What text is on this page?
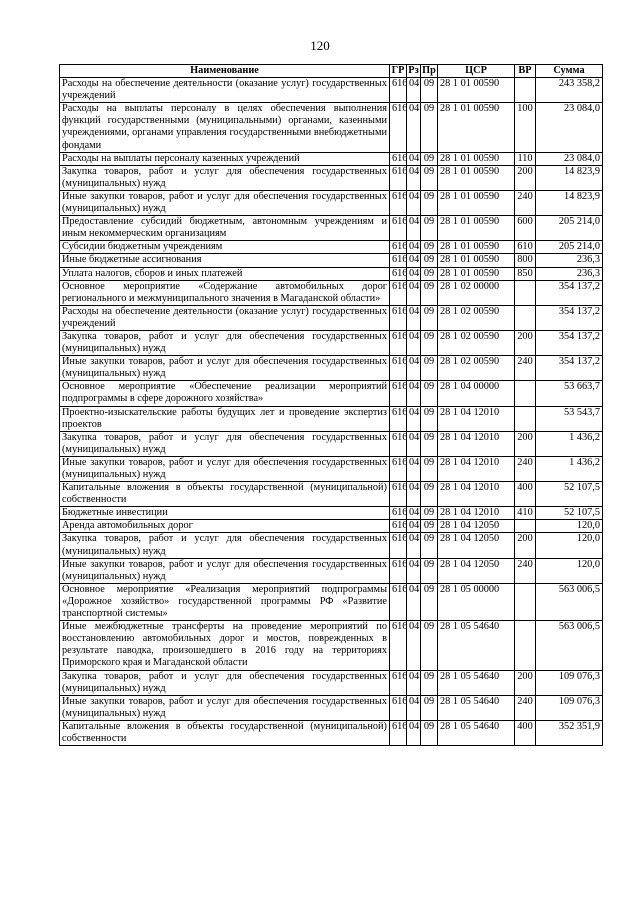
120
Наименование	ГР	Рз	Пр	ЦСР	ВР	Сумма
Расходы на обеспечение деятельности (оказание услуг) государственных учреждений	616	04	09	28 1 01 00590		243 358,2
Расходы на выплаты персоналу в целях обеспечения выполнения функций государственными (муниципальными) органами, казенными учреждениями, органами управления государственными внебюджетными фондами	616	04	09	28 1 01 00590	100	23 084,0
Расходы на выплаты персоналу казенных учреждений	616	04	09	28 1 01 00590	110	23 084,0
Закупка товаров, работ и услуг для обеспечения государственных (муниципальных) нужд	616	04	09	28 1 01 00590	200	14 823,9
Иные закупки товаров, работ и услуг для обеспечения государственных (муниципальных) нужд	616	04	09	28 1 01 00590	240	14 823,9
Предоставление субсидий бюджетным, автономным учреждениям и иным некоммерческим организациям	616	04	09	28 1 01 00590	600	205 214,0
Субсидии бюджетным учреждениям	616	04	09	28 1 01 00590	610	205 214,0
Иные бюджетные ассигнования	616	04	09	28 1 01 00590	800	236,3
Уплата налогов, сборов и иных платежей	616	04	09	28 1 01 00590	850	236,3
Основное мероприятие «Содержание автомобильных дорог регионального и межмуниципального значения в Магаданской области»	616	04	09	28 1 02 00000		354 137,2
Расходы на обеспечение деятельности (оказание услуг) государственных учреждений	616	04	09	28 1 02 00590		354 137,2
Закупка товаров, работ и услуг для обеспечения государственных (муниципальных) нужд	616	04	09	28 1 02 00590	200	354 137,2
Иные закупки товаров, работ и услуг для обеспечения государственных (муниципальных) нужд	616	04	09	28 1 02 00590	240	354 137,2
Основное мероприятие «Обеспечение реализации мероприятий подпрограммы в сфере дорожного хозяйства»	616	04	09	28 1 04 00000		53 663,7
Проектно-изыскательские работы будущих лет и проведение экспертиз проектов	616	04	09	28 1 04 12010		53 543,7
Закупка товаров, работ и услуг для обеспечения государственных (муниципальных) нужд	616	04	09	28 1 04 12010	200	1 436,2
Иные закупки товаров, работ и услуг для обеспечения государственных (муниципальных) нужд	616	04	09	28 1 04 12010	240	1 436,2
Капитальные вложения в объекты государственной (муниципальной) собственности	616	04	09	28 1 04 12010	400	52 107,5
Бюджетные инвестиции	616	04	09	28 1 04 12010	410	52 107,5
Аренда автомобильных дорог	616	04	09	28 1 04 12050		120,0
Закупка товаров, работ и услуг для обеспечения государственных (муниципальных) нужд	616	04	09	28 1 04 12050	200	120,0
Иные закупки товаров, работ и услуг для обеспечения государственных (муниципальных) нужд	616	04	09	28 1 04 12050	240	120,0
Основное мероприятие «Реализация мероприятий подпрограммы «Дорожное хозяйство» государственной программы РФ «Развитие транспортной системы»	616	04	09	28 1 05 00000		563 006,5
Иные межбюджетные трансферты на проведение мероприятий по восстановлению автомобильных дорог и мостов, поврежденных в результате паводка, произошедшего в 2016 году на территориях Приморского края и Магаданской области	616	04	09	28 1 05 54640		563 006,5
Закупка товаров, работ и услуг для обеспечения государственных (муниципальных) нужд	616	04	09	28 1 05 54640	200	109 076,3
Иные закупки товаров, работ и услуг для обеспечения государственных (муниципальных) нужд	616	04	09	28 1 05 54640	240	109 076,3
Капитальные вложения в объекты государственной (муниципальной) собственности	616	04	09	28 1 05 54640	400	352 351,9
